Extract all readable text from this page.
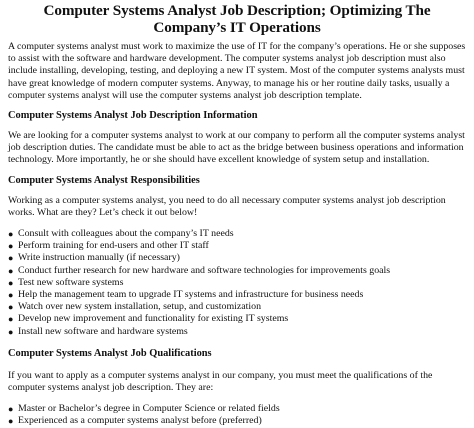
Computer Systems Analyst Job Description; Optimizing The Company’s IT Operations

A computer systems analyst must work to maximize the use of IT for the company’s operations. He or she supposes to assist with the software and hardware development. The computer systems analyst job description must also include installing, developing, testing, and deploying a new IT system. Most of the computer systems analysts must have great knowledge of modern computer systems. Anyway, to manage his or her routine daily tasks, usually a computer systems analyst will use the computer systems analyst job description template.

Computer Systems Analyst Job Description Information

We are looking for a computer systems analyst to work at our company to perform all the computer systems analyst job description duties. The candidate must be able to act as the bridge between business operations and information technology. More importantly, he or she should have excellent knowledge of system setup and installation.

Computer Systems Analyst Responsibilities

Working as a computer systems analyst, you need to do all necessary computer systems analyst job description works. What are they? Let’s check it out below!

● Consult with colleagues about the company’s IT needs
● Perform training for end-users and other IT staff
● Write instruction manually (if necessary)
● Conduct further research for new hardware and software technologies for improvements goals
● Test new software systems
● Help the management team to upgrade IT systems and infrastructure for business needs
● Watch over new system installation, setup, and customization
● Develop new improvement and functionality for existing IT systems
● Install new software and hardware systems
Computer Systems Analyst Job Qualifications

If you want to apply as a computer systems analyst in our company, you must meet the qualifications of the computer systems analyst job description. They are:

● Master or Bachelor’s degree in Computer Science or related fields
● Experienced as a computer systems analyst before (preferred)
